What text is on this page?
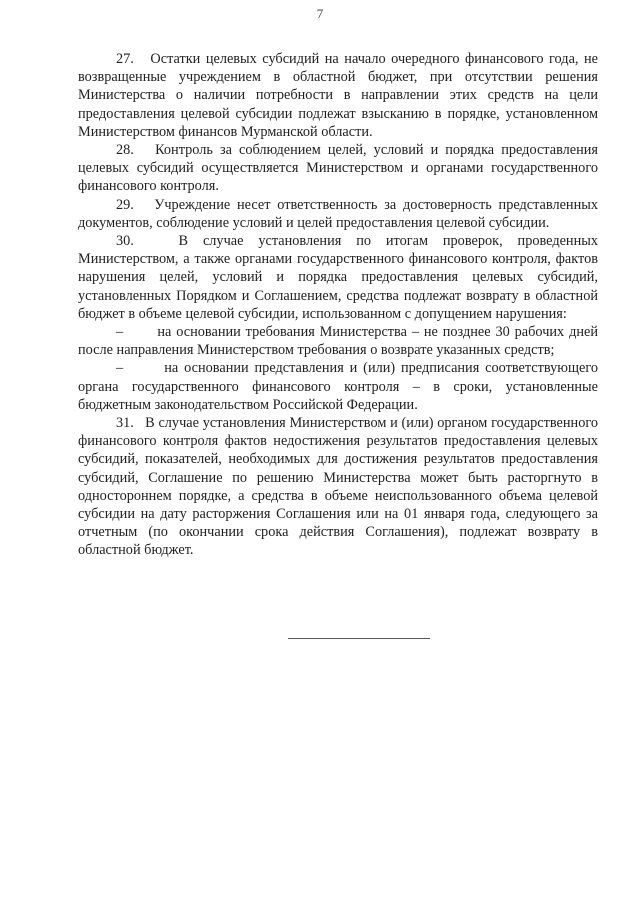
7

27.   Остатки целевых субсидий на начало очередного финансового года, не возвращенные учреждением в областной бюджет, при отсутствии решения Министерства о наличии потребности в направлении этих средств на цели предоставления целевой субсидии подлежат взысканию в порядке, установленном Министерством финансов Мурманской области.

28.   Контроль за соблюдением целей, условий и порядка предоставления целевых субсидий осуществляется Министерством и органами государственного финансового контроля.

29.   Учреждение несет ответственность за достоверность представленных документов, соблюдение условий и целей предоставления целевой субсидии.

30.   В случае установления по итогам проверок, проведенных Министерством, а также органами государственного финансового контроля, фактов нарушения целей, условий и порядка предоставления целевых субсидий, установленных Порядком и Соглашением, средства подлежат возврату в областной бюджет в объеме целевой субсидии, использованном с допущением нарушения:

–       на основании требования Министерства – не позднее 30 рабочих дней после направления Министерством требования о возврате указанных средств;

–       на основании представления и (или) предписания соответствующего органа государственного финансового контроля – в сроки, установленные бюджетным законодательством Российской Федерации.

31.   В случае установления Министерством и (или) органом государственного финансового контроля фактов недостижения результатов предоставления целевых субсидий, показателей, необходимых для достижения результатов предоставления субсидий, Соглашение по решению Министерства может быть расторгнуто в одностороннем порядке, а средства в объеме неиспользованного объема целевой субсидии на дату расторжения Соглашения или на 01 января года, следующего за отчетным (по окончании срока действия Соглашения), подлежат возврату в областной бюджет.
